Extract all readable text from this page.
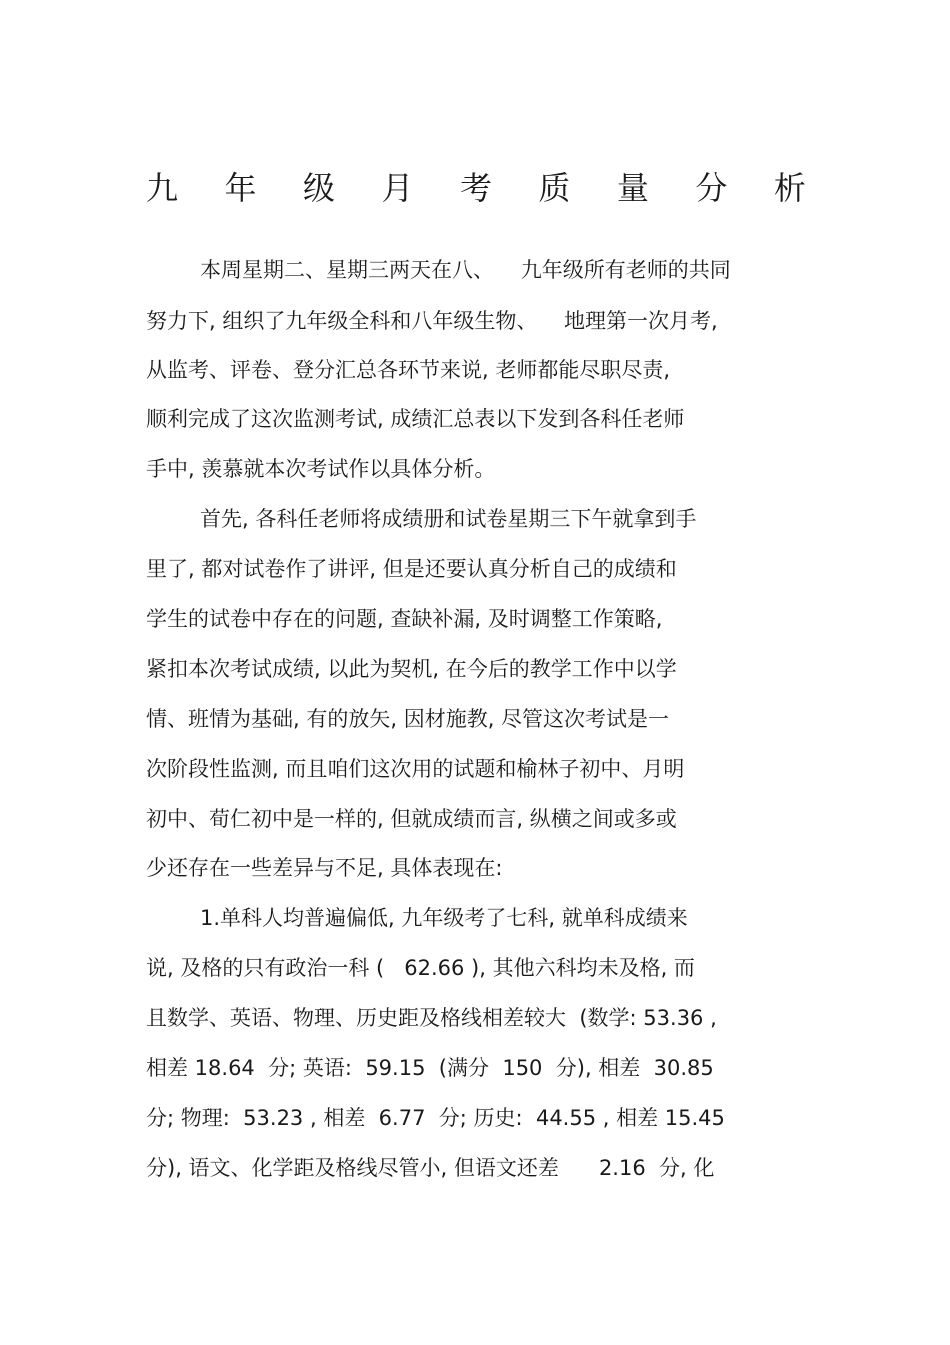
九 年 级 月 考 质 量 分 析
本周星期二、星期三两天在八、    九年级所有老师的共同
努力下, 组织了九年级全科和八年级生物、    地理第一次月考,
从监考、评卷、登分汇总各环节来说, 老师都能尽职尽责,
顺利完成了这次监测考试, 成绩汇总表以下发到各科任老师
手中, 羡慕就本次考试作以具体分析。
首先, 各科任老师将成绩册和试卷星期三下午就拿到手
里了, 都对试卷作了讲评, 但是还要认真分析自己的成绩和
学生的试卷中存在的问题, 查缺补漏, 及时调整工作策略,
紧扣本次考试成绩, 以此为契机, 在今后的教学工作中以学
情、班情为基础, 有的放矢, 因材施教, 尽管这次考试是一
次阶段性监测, 而且咱们这次用的试题和榆林子初中、月明
初中、荀仁初中是一样的, 但就成绩而言, 纵横之间或多或
少还存在一些差异与不足, 具体表现在:
1.单科人均普遍偏低, 九年级考了七科, 就单科成绩来
说, 及格的只有政治一科 (   62.66 ), 其他六科均未及格, 而
且数学、英语、物理、历史距及格线相差较大  (数学: 53.36 ,
相差 18.64  分; 英语:  59.15  (满分  150  分), 相差  30.85
分; 物理:  53.23 , 相差  6.77  分; 历史:  44.55 , 相差 15.45
分), 语文、化学距及格线尽管小, 但语文还差      2.16  分, 化
